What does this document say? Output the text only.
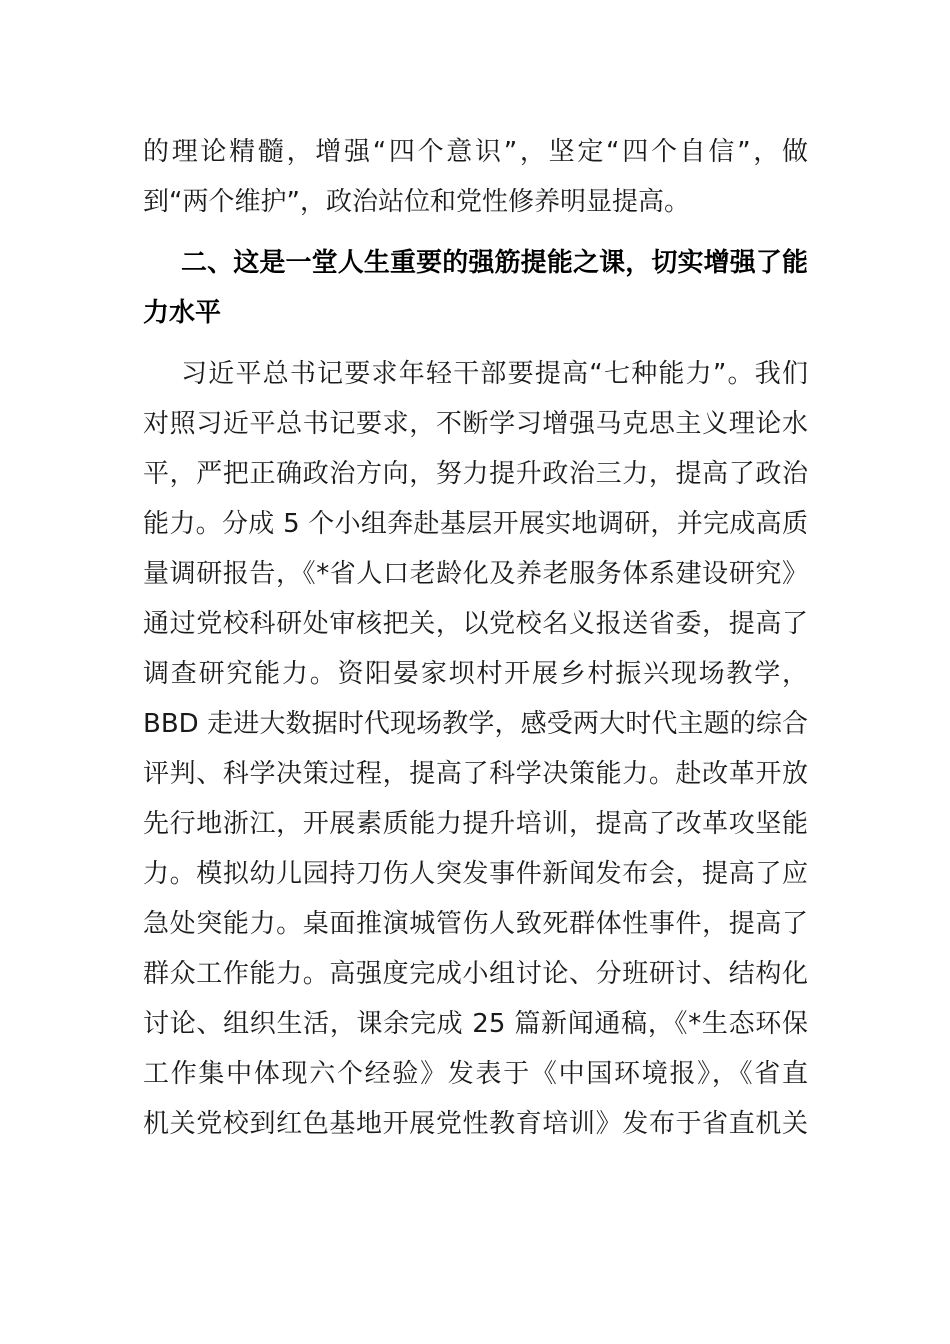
的理论精髓，增强“四个意识”，坚定“四个自信”，做
到“两个维护”，政治站位和党性修养明显提高。
二、这是一堂人生重要的强筋提能之课，切实增强了能
力水平
习近平总书记要求年轻干部要提高“七种能力”。我们
对照习近平总书记要求，不断学习增强马克思主义理论水
平，严把正确政治方向，努力提升政治三力，提高了政治
能力。分成 5 个小组奔赴基层开展实地调研，并完成高质
量调研报告，《*省人口老龄化及养老服务体系建设研究》
通过党校科研处审核把关，以党校名义报送省委，提高了
调查研究能力。资阳晏家坝村开展乡村振兴现场教学，
BBD 走进大数据时代现场教学，感受两大时代主题的综合
评判、科学决策过程，提高了科学决策能力。赴改革开放
先行地浙江，开展素质能力提升培训，提高了改革攻坚能
力。模拟幼儿园持刀伤人突发事件新闻发布会，提高了应
急处突能力。桌面推演城管伤人致死群体性事件，提高了
群众工作能力。高强度完成小组讨论、分班研讨、结构化
讨论、组织生活，课余完成 25 篇新闻通稿，《*生态环保
工作集中体现六个经验》发表于《中国环境报》，《省直
机关党校到红色基地开展党性教育培训》发布于省直机关
